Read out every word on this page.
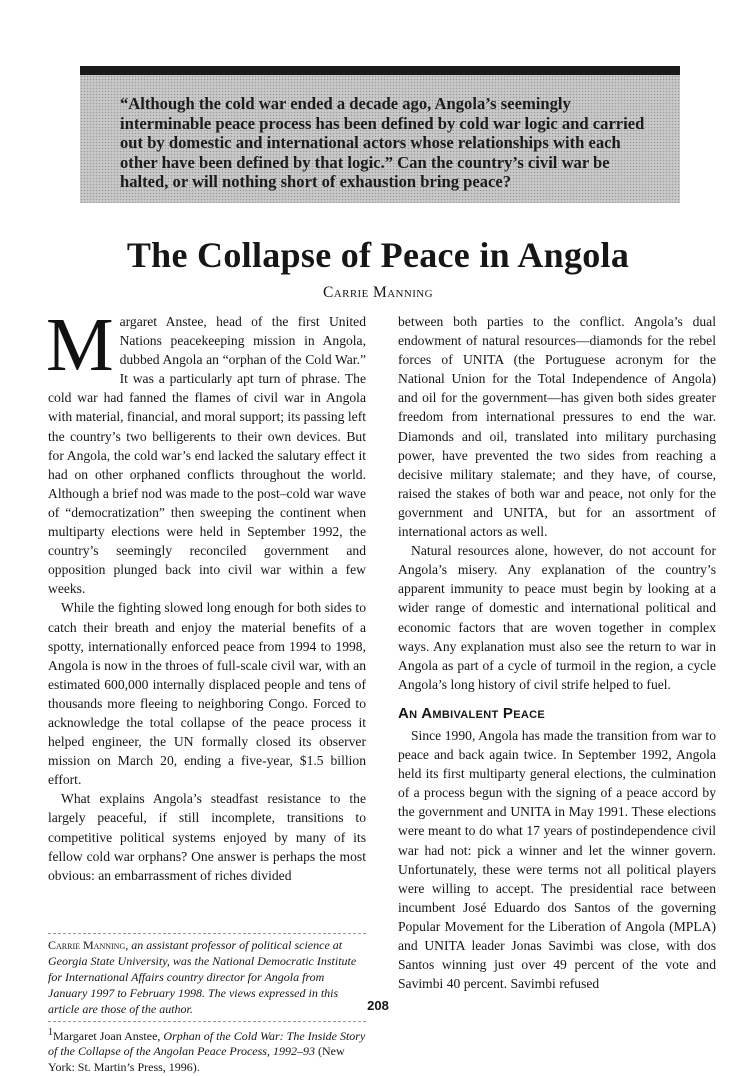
“Although the cold war ended a decade ago, Angola’s seemingly interminable peace process has been defined by cold war logic and carried out by domestic and international actors whose relationships with each other have been defined by that logic.” Can the country’s civil war be halted, or will nothing short of exhaustion bring peace?

The Collapse of Peace in Angola
Carrie Manning

Margaret Anstee, head of the first United Nations peacekeeping mission in Angola, dubbed Angola an “orphan of the Cold War.” It was a particularly apt turn of phrase. The cold war had fanned the flames of civil war in Angola with material, financial, and moral support; its passing left the country’s two belligerents to their own devices. But for Angola, the cold war’s end lacked the salutary effect it had on other orphaned conflicts throughout the world. Although a brief nod was made to the post–cold war wave of “democratization” then sweeping the continent when multiparty elections were held in September 1992, the country’s seemingly reconciled government and opposition plunged back into civil war within a few weeks.

While the fighting slowed long enough for both sides to catch their breath and enjoy the material benefits of a spotty, internationally enforced peace from 1994 to 1998, Angola is now in the throes of full-scale civil war, with an estimated 600,000 internally displaced people and tens of thousands more fleeing to neighboring Congo. Forced to acknowledge the total collapse of the peace process it helped engineer, the UN formally closed its observer mission on March 20, ending a five-year, $1.5 billion effort.

What explains Angola’s steadfast resistance to the largely peaceful, if still incomplete, transitions to competitive political systems enjoyed by many of its fellow cold war orphans? One answer is perhaps the most obvious: an embarrassment of riches divided

between both parties to the conflict. Angola’s dual endowment of natural resources—diamonds for the rebel forces of UNITA (the Portuguese acronym for the National Union for the Total Independence of Angola) and oil for the government—has given both sides greater freedom from international pressures to end the war. Diamonds and oil, translated into military purchasing power, have prevented the two sides from reaching a decisive military stalemate; and they have, of course, raised the stakes of both war and peace, not only for the government and UNITA, but for an assortment of international actors as well.

Natural resources alone, however, do not account for Angola’s misery. Any explanation of the country’s apparent immunity to peace must begin by looking at a wider range of domestic and international political and economic factors that are woven together in complex ways. Any explanation must also see the return to war in Angola as part of a cycle of turmoil in the region, a cycle Angola’s long history of civil strife helped to fuel.

An Ambivalent Peace

Since 1990, Angola has made the transition from war to peace and back again twice. In September 1992, Angola held its first multiparty general elections, the culmination of a process begun with the signing of a peace accord by the government and UNITA in May 1991. These elections were meant to do what 17 years of postindependence civil war had not: pick a winner and let the winner govern. Unfortunately, these were terms not all political players were willing to accept. The presidential race between incumbent José Eduardo dos Santos of the governing Popular Movement for the Liberation of Angola (MPLA) and UNITA leader Jonas Savimbi was close, with dos Santos winning just over 49 percent of the vote and Savimbi 40 percent. Savimbi refused

Carrie Manning, an assistant professor of political science at Georgia State University, was the National Democratic Institute for International Affairs country director for Angola from January 1997 to February 1998. The views expressed in this article are those of the author.

$^1$Margaret Joan Anstee, Orphan of the Cold War: The Inside Story of the Collapse of the Angolan Peace Process, 1992–93 (New York: St. Martin’s Press, 1996).

208
